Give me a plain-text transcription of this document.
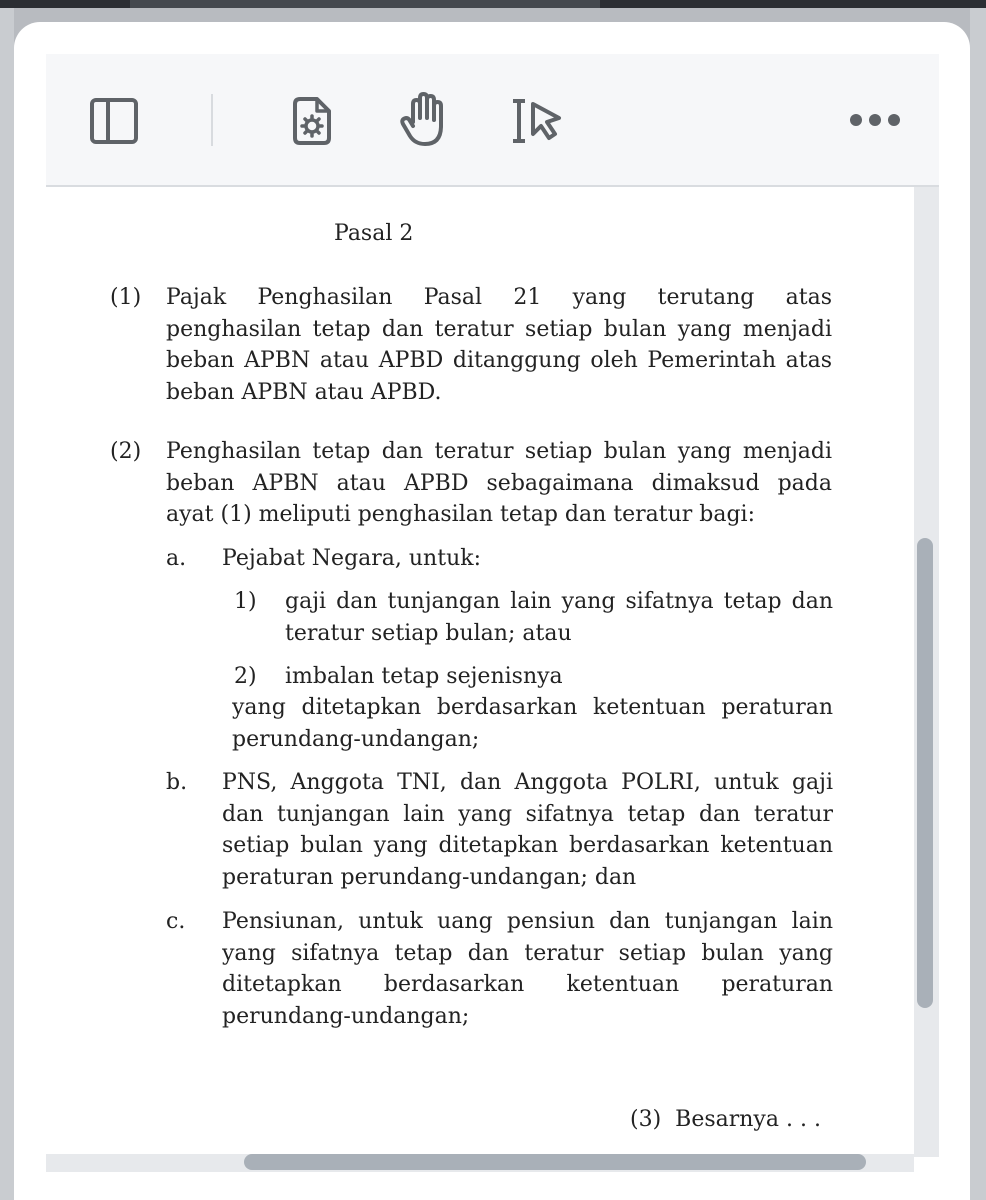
Pasal 2
(1) Pajak Penghasilan Pasal 21 yang terutang atas
penghasilan tetap dan teratur setiap bulan yang menjadi
beban APBN atau APBD ditanggung oleh Pemerintah atas
beban APBN atau APBD.
(2) Penghasilan tetap dan teratur setiap bulan yang menjadi
beban APBN atau APBD sebagaimana dimaksud pada
ayat (1) meliputi penghasilan tetap dan teratur bagi:
a. Pejabat Negara, untuk:
1) gaji dan tunjangan lain yang sifatnya tetap dan
teratur setiap bulan; atau
2) imbalan tetap sejenisnya
yang ditetapkan berdasarkan ketentuan peraturan
perundang-undangan;
b. PNS, Anggota TNI, dan Anggota POLRI, untuk gaji
dan tunjangan lain yang sifatnya tetap dan teratur
setiap bulan yang ditetapkan berdasarkan ketentuan
peraturan perundang-undangan; dan
c. Pensiunan, untuk uang pensiun dan tunjangan lain
yang sifatnya tetap dan teratur setiap bulan yang
ditetapkan berdasarkan ketentuan peraturan
perundang-undangan;
(3)  Besarnya . . .
